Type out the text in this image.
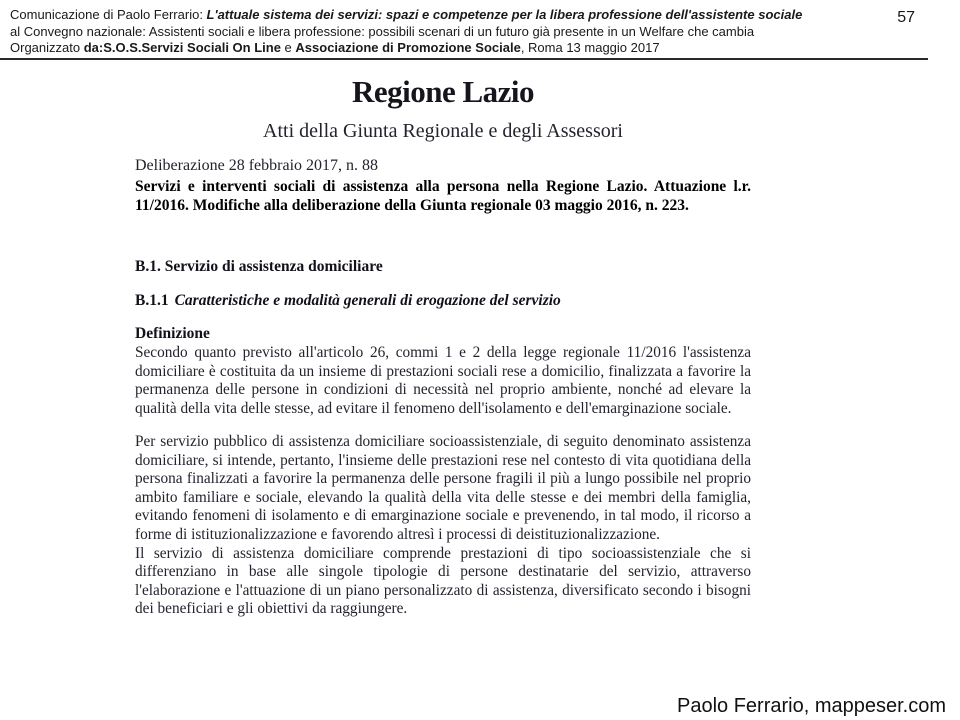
Comunicazione di Paolo Ferrario: L'attuale sistema dei servizi: spazi e competenze per la libera professione dell'assistente sociale
al Convegno nazionale: Assistenti sociali e libera professione: possibili scenari di un futuro già presente in un Welfare che cambia
Organizzato da:S.O.S.Servizi Sociali On Line e Associazione di Promozione Sociale, Roma 13 maggio 2017
57
Regione Lazio
Atti della Giunta Regionale e degli Assessori
Deliberazione 28 febbraio 2017, n. 88
Servizi e interventi sociali di assistenza alla persona nella Regione Lazio. Attuazione l.r. 11/2016. Modifiche alla deliberazione della Giunta regionale 03 maggio 2016, n. 223.
B.1. Servizio di assistenza domiciliare
B.1.1 Caratteristiche e modalità generali di erogazione del servizio
Definizione
Secondo quanto previsto all'articolo 26, commi 1 e 2 della legge regionale 11/2016 l'assistenza domiciliare è costituita da un insieme di prestazioni sociali rese a domicilio, finalizzata a favorire la permanenza delle persone in condizioni di necessità nel proprio ambiente, nonché ad elevare la qualità della vita delle stesse, ad evitare il fenomeno dell'isolamento e dell'emarginazione sociale.

Per servizio pubblico di assistenza domiciliare socioassistenziale, di seguito denominato assistenza domiciliare, si intende, pertanto, l'insieme delle prestazioni rese nel contesto di vita quotidiana della persona finalizzati a favorire la permanenza delle persone fragili il più a lungo possibile nel proprio ambito familiare e sociale, elevando la qualità della vita delle stesse e dei membri della famiglia, evitando fenomeni di isolamento e di emarginazione sociale e prevenendo, in tal modo, il ricorso a forme di istituzionalizzazione e favorendo altresì i processi di deistituzionalizzazione.

Il servizio di assistenza domiciliare comprende prestazioni di tipo socioassistenziale che si differenziano in base alle singole tipologie di persone destinatarie del servizio, attraverso l'elaborazione e l'attuazione di un piano personalizzato di assistenza, diversificato secondo i bisogni dei beneficiari e gli obiettivi da raggiungere.

Paolo Ferrario, mappeser.com
